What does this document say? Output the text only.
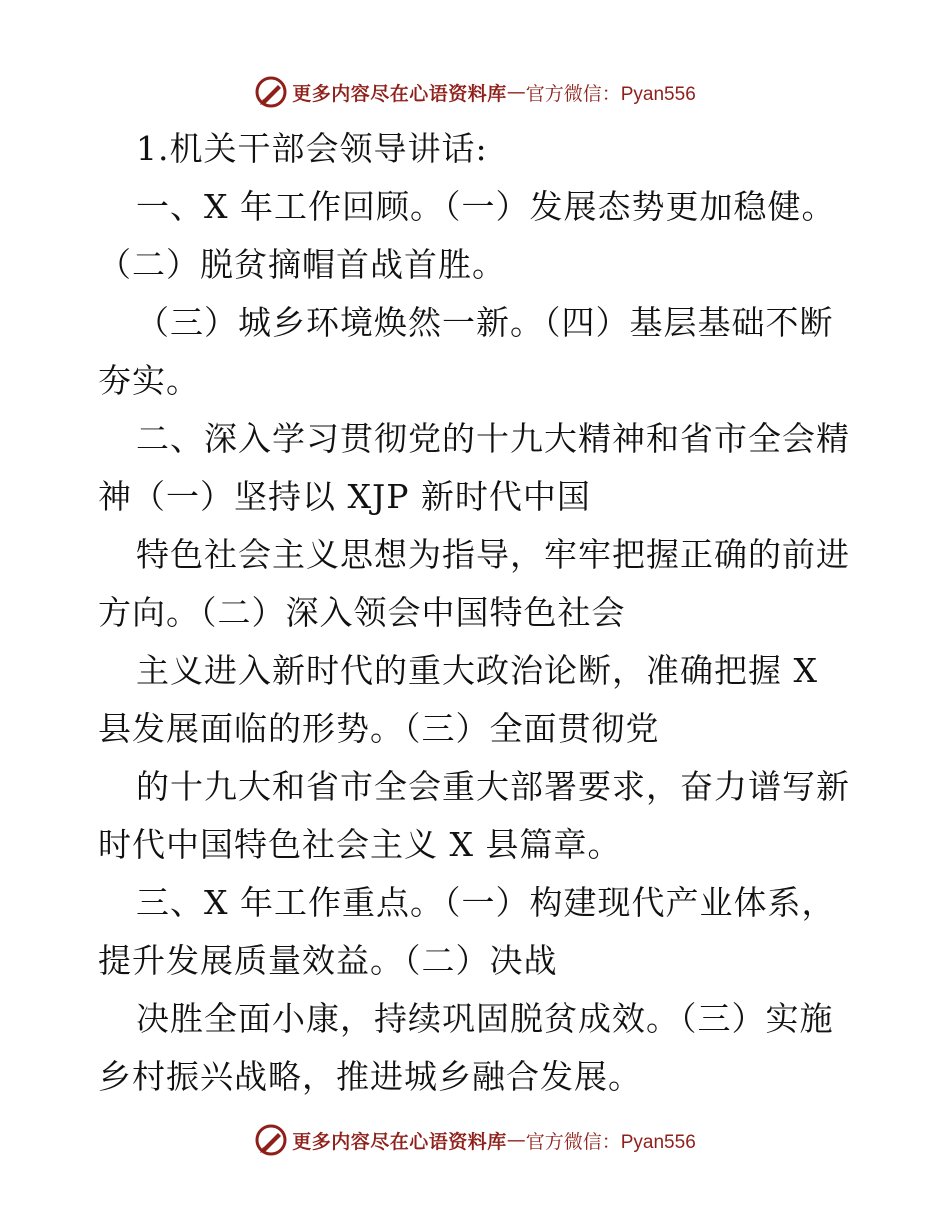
更多内容尽在心语资料库 — 官方微信：Pyan556
1.机关干部会领导讲话:
一、X 年工作回顾。（一）发展态势更加稳健。
（二）脱贫摘帽首战首胜。
（三）城乡环境焕然一新。（四）基层基础不断
夯实。
二、深入学习贯彻党的十九大精神和省市全会精
神（一）坚持以 XJP 新时代中国
特色社会主义思想为指导，牢牢把握正确的前进
方向。（二）深入领会中国特色社会
主义进入新时代的重大政治论断，准确把握 X
县发展面临的形势。（三）全面贯彻党
的十九大和省市全会重大部署要求，奋力谱写新
时代中国特色社会主义 X 县篇章。
三、X 年工作重点。（一）构建现代产业体系，
提升发展质量效益。（二）决战
决胜全面小康，持续巩固脱贫成效。（三）实施
乡村振兴战略，推进城乡融合发展。
更多内容尽在心语资料库 — 官方微信：Pyan556
